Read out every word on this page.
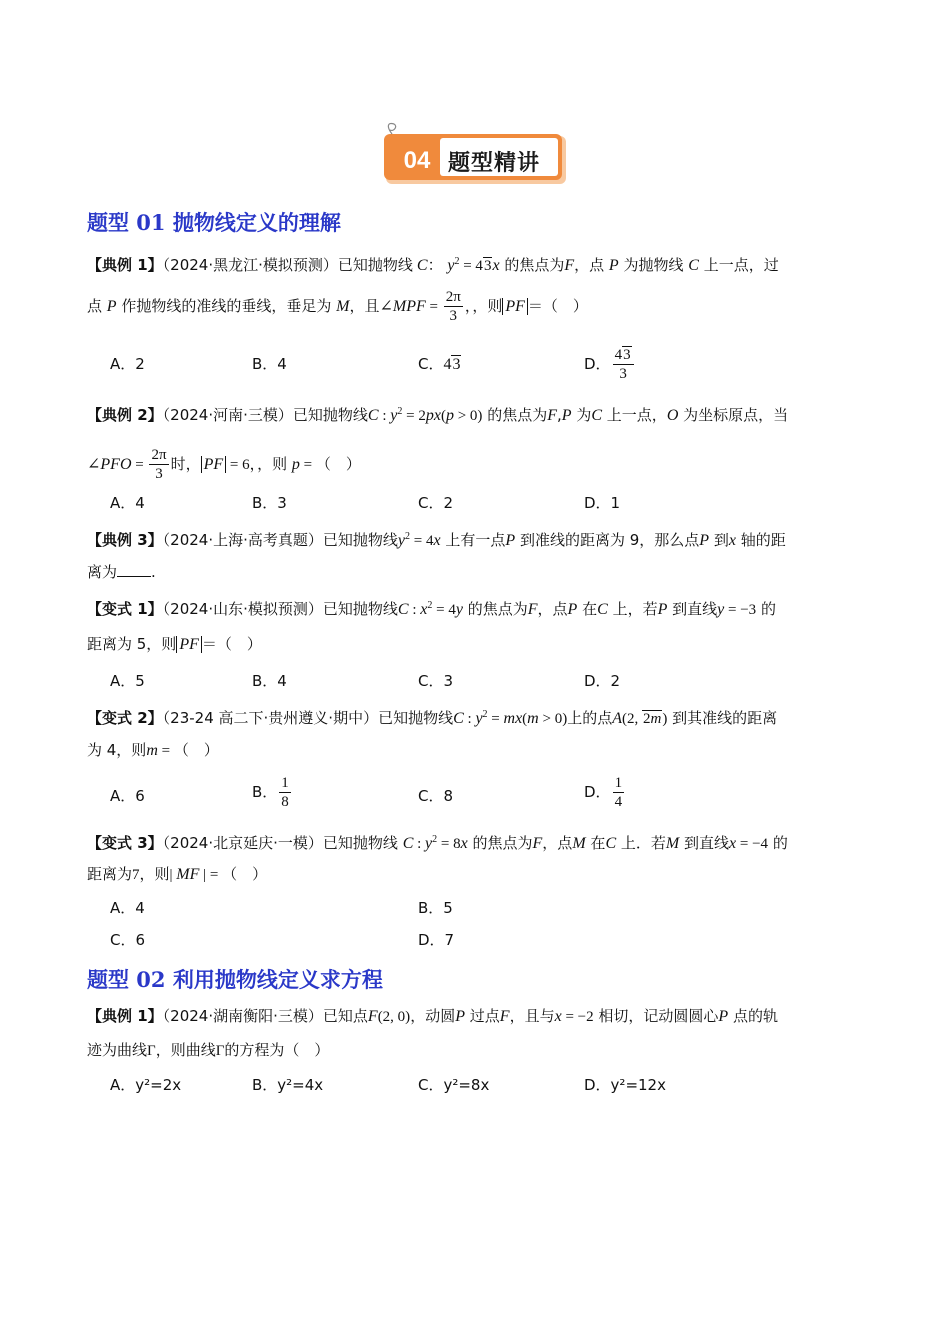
04 题型精讲
题型 01 抛物线定义的理解
【典例 1】（2024·黑龙江·模拟预测）已知抛物线 C： $y^2 = 43x$ 的焦点为F，点 P 为抛物线 C 上一点，过
点 P 作抛物线的准线的垂线，垂足为 M，且∠MPF = $\frac{2\pi}{3}$ ，，则 PF ＝（　）
A．2	B．4	C．43	D． $\frac{43}{3}$
【典例 2】（2024·河南·三模）已知抛物线C : $y^2 = 2px(p > 0)$ 的焦点为F,P 为C 上一点，O 为坐标原点，当
∠PFO = $\frac{2\pi}{3}$ 时， PF = 6，，则 p = （　）
A．4	B．3	C．2	D．1
【典例 3】（2024·上海·高考真题）已知抛物线$y^2 = 4x$ 上有一点P 到准线的距离为 9，那么点P 到x 轴的距
离为 .
【变式 1】（2024·山东·模拟预测）已知抛物线C : $x^2 = 4y$ 的焦点为F，点P 在C 上，若P 到直线y = −3 的
距离为 5，则 PF ＝（　）
A．5	B．4	C．3	D．2
【变式 2】（23-24 高二下·贵州遵义·期中）已知抛物线C : $y^2 = mx(m > 0)$上的点A(2, 2m) 到其准线的距离
为 4，则m = （　）
A．6	B． $\frac{1}{8}$	C．8	D． $\frac{1}{4}$
【变式 3】（2024·北京延庆·一模）已知抛物线 C : $y^2 = 8x$ 的焦点为F，点M 在C 上．若M 到直线x = −4 的
距离为7，则| MF | = （　）
A．4	B．5
C．6	D．7
题型 02 利用抛物线定义求方程
【典例 1】（2024·湖南衡阳·三模）已知点F(2, 0)，动圆P 过点F，且与x = −2 相切，记动圆圆心P 点的轨
迹为曲线Γ，则曲线Γ的方程为（　）
A．y²=2x	B．y²=4x	C．y²=8x	D．y²=12x
